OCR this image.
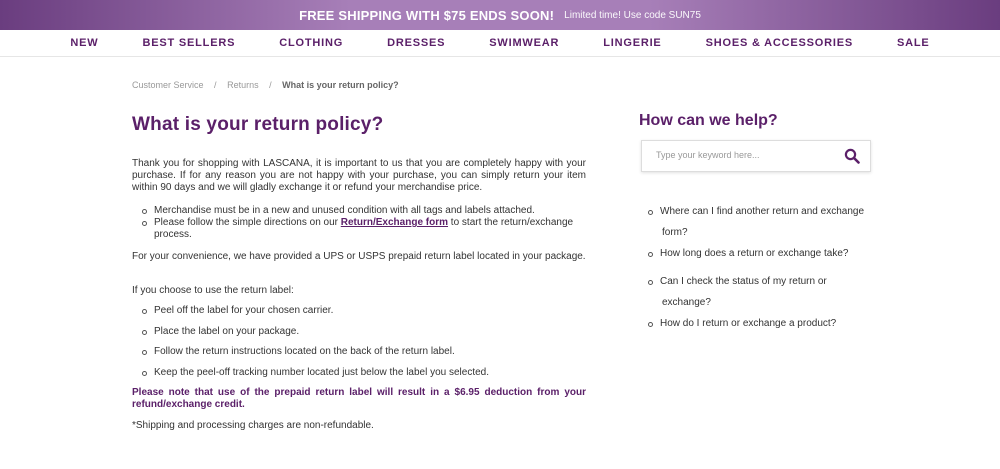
FREE SHIPPING WITH $75 ENDS SOON! Limited time! Use code SUN75
NEW	BEST SELLERS	CLOTHING	DRESSES	SWIMWEAR	LINGERIE	SHOES & ACCESSORIES	SALE
Customer Service / Returns / What is your return policy?
What is your return policy?
Thank you for shopping with LASCANA, it is important to us that you are completely happy with your purchase. If for any reason you are not happy with your purchase, you can simply return your item within 90 days and we will gladly exchange it or refund your merchandise price.
Merchandise must be in a new and unused condition with all tags and labels attached.
Please follow the simple directions on our Return/Exchange form to start the return/exchange process.
For your convenience, we have provided a UPS or USPS prepaid return label located in your package.
If you choose to use the return label:
Peel off the label for your chosen carrier.
Place the label on your package.
Follow the return instructions located on the back of the return label.
Keep the peel-off tracking number located just below the label you selected.
Please note that use of the prepaid return label will result in a $6.95 deduction from your refund/exchange credit.
*Shipping and processing charges are non-refundable.
How can we help?
Type your keyword here...
Where can I find another return and exchange
form?
How long does a return or exchange take?
Can I check the status of my return or
exchange?
How do I return or exchange a product?
